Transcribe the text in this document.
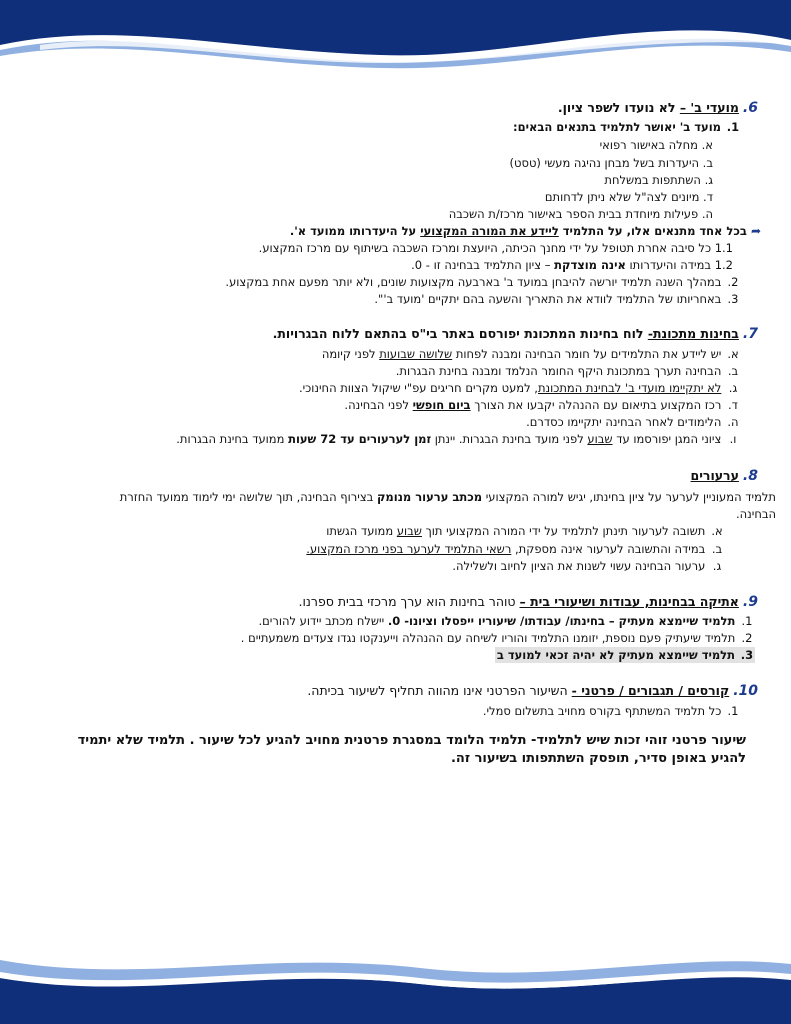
6.מועדי ב' – לא נועדו לשפר ציון.
1. מועד ב' יאושר לתלמיד בתנאים הבאים:
א. מחלה באישור רפואי
ב. היעדרות בשל מבחן נהיגה מעשי (טסט)
ג. השתתפות במשלחת
ד. מיונים לצה"ל שלא ניתן לדחותם
ה. פעילות מיוחדת בבית הספר באישור מרכז/ת השכבה
➦ בכל אחד מתנאים אלו, על התלמיד ליידע את המורה המקצועי על היעדרותו ממועד א'.
1.1 כל סיבה אחרת תטופל על ידי מחנך הכיתה, היועצת ומרכז השכבה בשיתוף עם מרכז המקצוע.
1.2 במידה והיעדרותו אינה מוצדקת – ציון התלמיד בבחינה זו - 0.
2. במהלך השנה תלמיד יורשה להיבחן במועד ב' בארבעה מקצועות שונים, ולא יותר מפעם אחת במקצוע.
3. באחריותו של התלמיד לוודא את התאריך והשעה בהם יתקיים 'מועד ב'".
7.בחינות מתכונת- לוח בחינות המתכונת יפורסם באתר בי"ס בהתאם ללוח הבגרויות.
א. יש ליידע את התלמידים על חומר הבחינה ומבנה לפחות שלושה שבועות לפני קיומה
ב. הבחינה תערך במתכונת היקף החומר הנלמד ומבנה בחינת הבגרות.
ג. לא יתקיימו מועדי ב' לבחינת המתכונת, למעט מקרים חריגים עפ"י שיקול הצוות החינוכי.
ד. רכז המקצוע בתיאום עם ההנהלה יקבעו את הצורך ביום חופשי לפני הבחינה.
ה. הלימודים לאחר הבחינה יתקיימו כסדרם.
ו. ציוני המגן יפורסמו עד שבוע לפני מועד בחינת הבגרות. יינתן זמן לערעורים עד 72 שעות ממועד בחינת הבגרות.
8.ערעורים
תלמיד המעוניין לערער על ציון בחינתו, יגיש למורה המקצועי מכתב ערעור מנומק בצירוף הבחינה, תוך שלושה ימי לימוד ממועד החזרת
הבחינה.
א. תשובה לערעור תינתן לתלמיד על ידי המורה המקצועי תוך שבוע ממועד הגשתו
ב. במידה והתשובה לערעור אינה מספקת, רשאי התלמיד לערער בפני מרכז המקצוע.
ג. ערעור הבחינה עשוי לשנות את הציון לחיוב ולשלילה.
9.אתיקה בבחינות, עבודות ושיעורי בית – טוהר בחינות הוא ערך מרכזי בבית ספרנו.
1. תלמיד שיימצא מעתיק – בחינתו/ עבודתו/ שיעוריו ייפסלו וציונו- 0. יישלח מכתב יידוע להורים.
2. תלמיד שיעתיק פעם נוספת, יזומנו התלמיד והוריו לשיחה עם ההנהלה וייענקטו נגדו צעדים משמעתיים .
3. תלמיד שיימצא מעתיק לא יהיה זכאי למועד ב
10.קורסים / תגבורים / פרטני - השיעור הפרטני אינו מהווה תחליף לשיעור בכיתה.
1. כל תלמיד המשתתף בקורס מחויב בתשלום סמלי.
שיעור פרטני זוהי זכות שיש לתלמיד- תלמיד הלומד במסגרת פרטנית מחויב להגיע לכל שיעור . תלמיד שלא יתמיד
להגיע באופן סדיר, תופסק השתתפותו בשיעור זה.
